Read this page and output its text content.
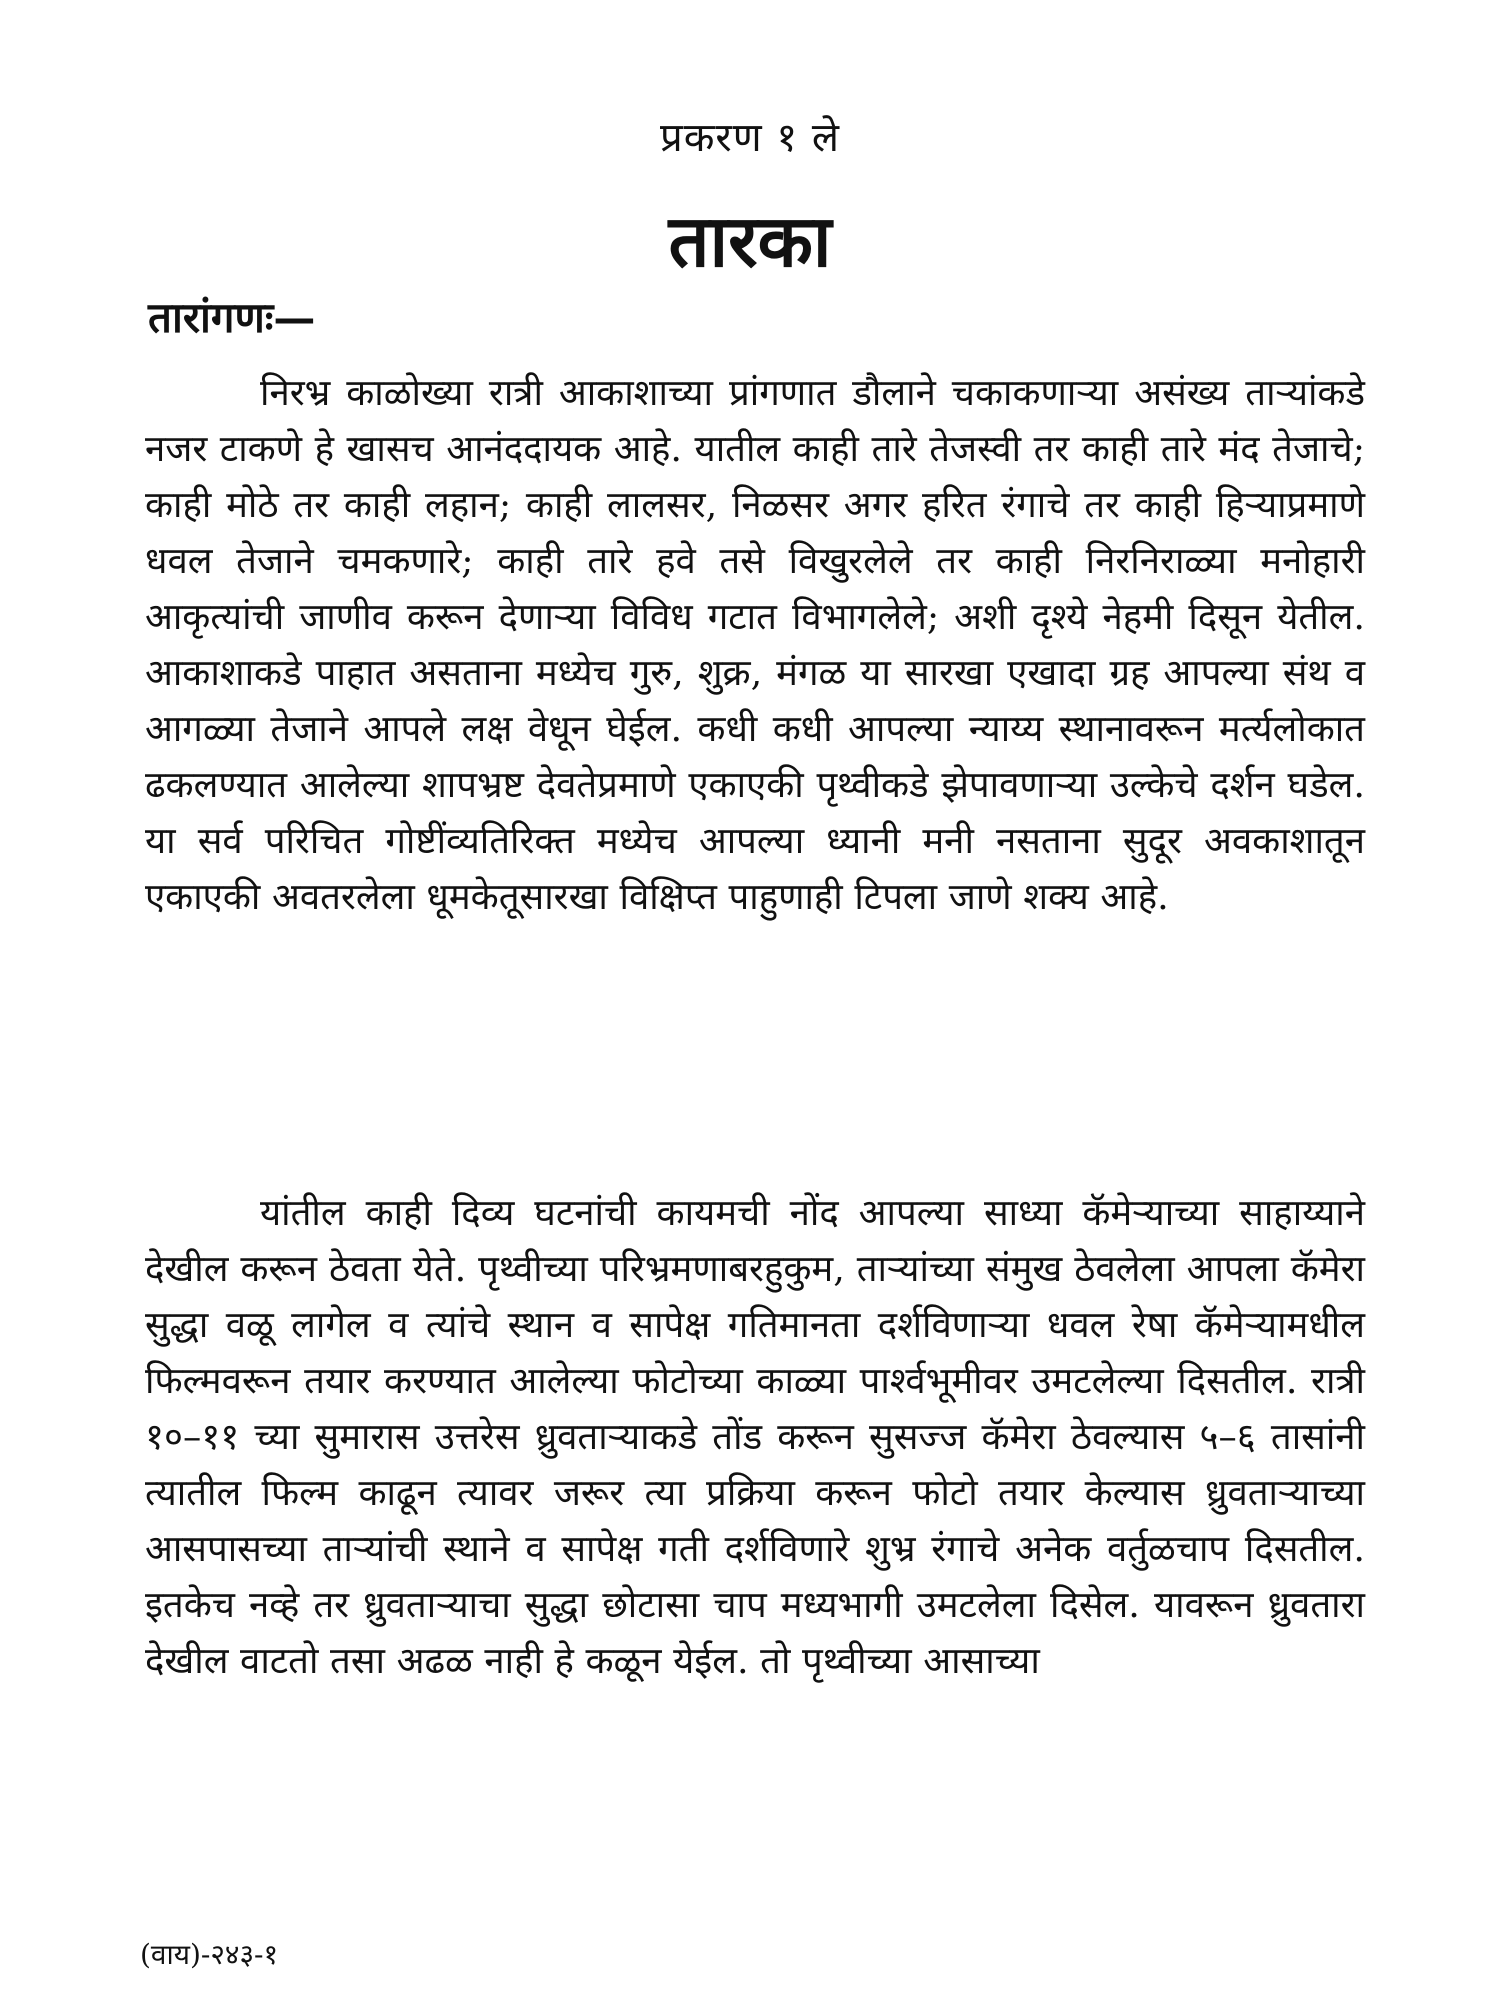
प्रकरण १ ले
तारका
तारांगणः—

निरभ्र काळोख्या रात्री आकाशाच्या प्रांगणात डौलाने चकाकणाऱ्या असंख्य ताऱ्यांकडे नजर टाकणे हे खासच आनंददायक आहे. यातील काही तारे तेजस्वी तर काही तारे मंद तेजाचे; काही मोठे तर काही लहान; काही लालसर, निळसर अगर हरित रंगाचे तर काही हिऱ्याप्रमाणे धवल तेजाने चमकणारे; काही तारे हवे तसे विखुरलेले तर काही निरनिराळ्या मनोहारी आकृत्यांची जाणीव करून देणाऱ्या विविध गटात विभागलेले; अशी दृश्ये नेहमी दिसून येतील. आकाशाकडे पाहात असताना मध्येच गुरु, शुक्र, मंगळ या सारखा एखादा ग्रह आपल्या संथ व आगळ्या तेजाने आपले लक्ष वेधून घेईल. कधी कधी आपल्या न्याय्य स्थानावरून मर्त्यलोकात ढकलण्यात आलेल्या शापभ्रष्ट देवतेप्रमाणे एकाएकी पृथ्वीकडे झेपावणाऱ्या उल्केचे दर्शन घडेल. या सर्व परिचित गोष्टींव्यतिरिक्त मध्येच आपल्या ध्यानी मनी नसताना सुदूर अवकाशातून एकाएकी अवतरलेला धूमकेतूसारखा विक्षिप्त पाहुणाही टिपला जाणे शक्य आहे.

यांतील काही दिव्य घटनांची कायमची नोंद आपल्या साध्या कॅमेऱ्याच्या साहाय्याने देखील करून ठेवता येते. पृथ्वीच्या परिभ्रमणाबरहुकुम, ताऱ्यांच्या संमुख ठेवलेला आपला कॅमेरा सुद्धा वळू लागेल व त्यांचे स्थान व सापेक्ष गतिमानता दर्शविणाऱ्या धवल रेषा कॅमेऱ्यामधील फिल्मवरून तयार करण्यात आलेल्या फोटोच्या काळ्या पार्श्वभूमीवर उमटलेल्या दिसतील. रात्री १०–११ च्या सुमारास उत्तरेस ध्रुवताऱ्याकडे तोंड करून सुसज्ज कॅमेरा ठेवल्यास ५–६ तासांनी त्यातील फिल्म काढून त्यावर जरूर त्या प्रक्रिया करून फोटो तयार केल्यास ध्रुवताऱ्याच्या आसपासच्या ताऱ्यांची स्थाने व सापेक्ष गती दर्शविणारे शुभ्र रंगाचे अनेक वर्तुळचाप दिसतील. इतकेच नव्हे तर ध्रुवताऱ्याचा सुद्धा छोटासा चाप मध्यभागी उमटलेला दिसेल. यावरून ध्रुवतारा देखील वाटतो तसा अढळ नाही हे कळून येईल. तो पृथ्वीच्या आसाच्या

(वाय)-२४३-१
